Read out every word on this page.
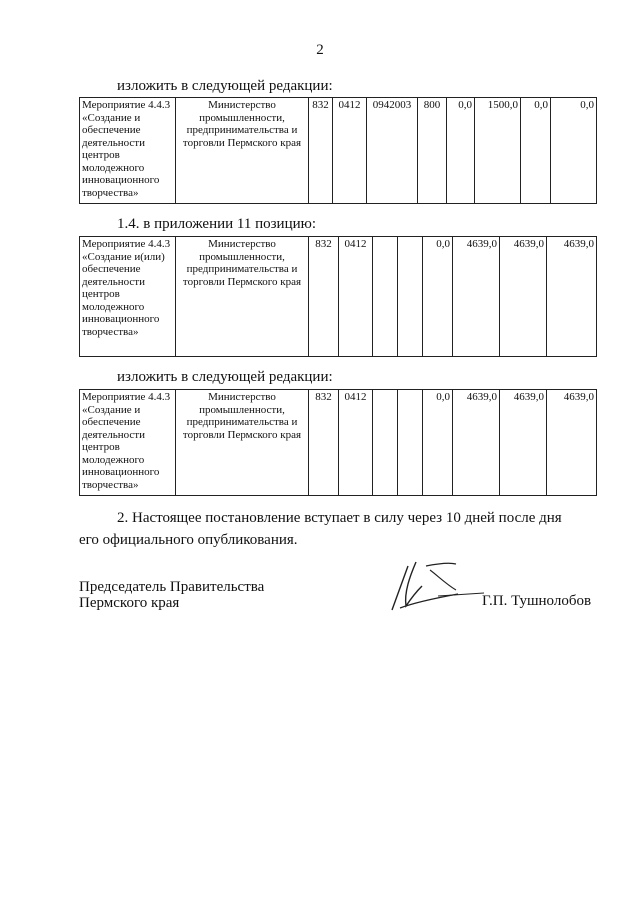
2
изложить в следующей редакции:
Мероприятие 4.4.3 «Создание и обеспечение деятельности центров молодежного инновационного творчества»	Министерство промышленности, предпринимательства и торговли Пермского края	832	0412	0942003	800	0,0	1500,0	0,0	0,0
1.4. в приложении 11 позицию:
Мероприятие 4.4.3 «Создание и(или) обеспечение деятельности центров молодежного инновационного творчества»	Министерство промышленности, предпринимательства и торговли Пермского края	832	0412			0,0	4639,0	4639,0	4639,0
изложить в следующей редакции:
Мероприятие 4.4.3 «Создание и обеспечение деятельности центров молодежного инновационного творчества»	Министерство промышленности, предпринимательства и торговли Пермского края	832	0412			0,0	4639,0	4639,0	4639,0
2. Настоящее постановление вступает в силу через 10 дней после дня
его официального опубликования.
Председатель Правительства
Пермского края	Г.П. Тушнолобов
